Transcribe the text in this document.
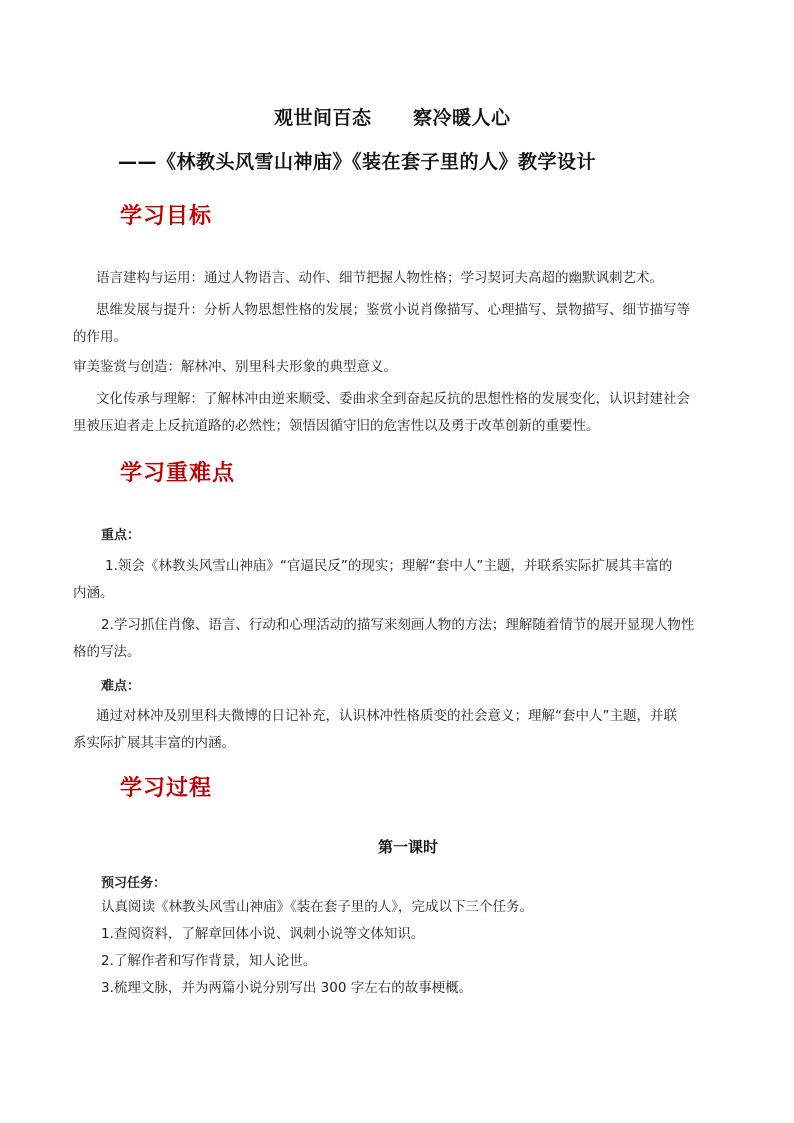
观世间百态 察冷暖人心
——《林教头风雪山神庙》《装在套子里的人》教学设计
学习目标
语言建构与运用：通过人物语言、动作、细节把握人物性格；学习契诃夫高超的幽默讽刺艺术。
思维发展与提升：分析人物思想性格的发展；鉴赏小说肖像描写、心理描写、景物描写、细节描写等
的作用。
审美鉴赏与创造：解林冲、别里科夫形象的典型意义。
文化传承与理解：了解林冲由逆来顺受、委曲求全到奋起反抗的思想性格的发展变化，认识封建社会
里被压迫者走上反抗道路的必然性；领悟因循守旧的危害性以及勇于改革创新的重要性。
学习重难点
重点：
1.领会《林教头风雪山神庙》“官逼民反”的现实；理解“套中人”主题，并联系实际扩展其丰富的
内涵。
2.学习抓住肖像、语言、行动和心理活动的描写来刻画人物的方法；理解随着情节的展开显现人物性
格的写法。
难点：
通过对林冲及别里科夫微博的日记补充，认识林冲性格质变的社会意义；理解“套中人”主题，并联
系实际扩展其丰富的内涵。
学习过程
第一课时
预习任务：
认真阅读《林教头风雪山神庙》《装在套子里的人》，完成以下三个任务。
1.查阅资料，了解章回体小说、讽刺小说等文体知识。
2.了解作者和写作背景，知人论世。
3.梳理文脉，并为两篇小说分别写出 300 字左右的故事梗概。
